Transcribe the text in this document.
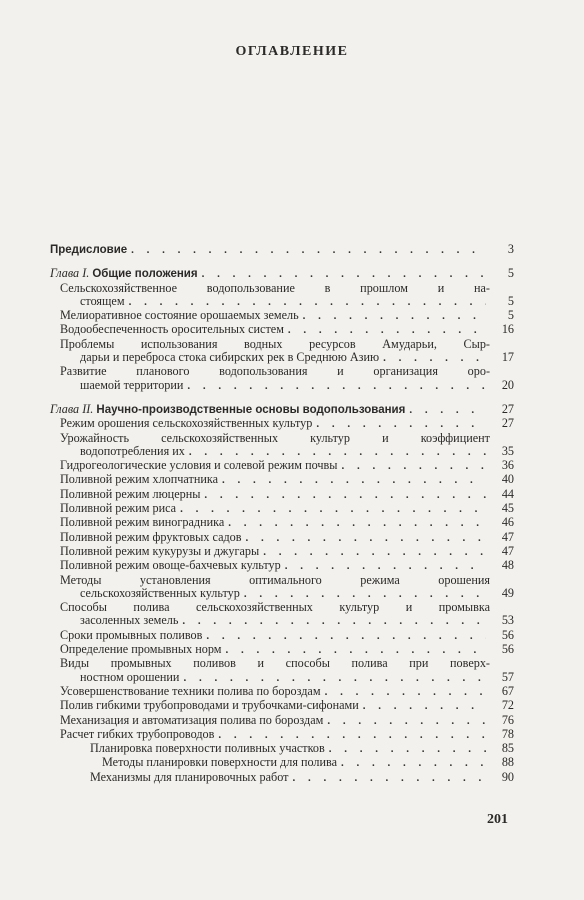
ОГЛАВЛЕНИЕ
Предисловие . . .	3
Глава I. Общие положения . . .	5
Сельскохозяйственное водопользование в прошлом и на-
стоящем . . .	5
Мелиоративное состояние орошаемых земель . . .	5
Водообеспеченность оросительных систем . . .	16
Проблемы использования водных ресурсов Амударьи, Сыр-
дарьи и переброса стока сибирских рек в Среднюю Азию . . .	17
Развитие планового водопользования и организация оро-
шаемой территории . . .	20
Глава II. Научно-производственные основы водопользования . . .	27
Режим орошения сельскохозяйственных культур . . .	27
Урожайность сельскохозяйственных культур и коэффициент
водопотребления их . . .	35
Гидрогеологические условия и солевой режим почвы . . .	36
Поливной режим хлопчатника . . .	40
Поливной режим люцерны . . .	44
Поливной режим риса . . .	45
Поливной режим виноградника . . .	46
Поливной режим фруктовых садов . . .	47
Поливной режим кукурузы и джугары . . .	47
Поливной режим овоще-бахчевых культур . . .	48
Методы установления оптимального режима орошения
сельскохозяйственных культур . . .	49
Способы полива сельскохозяйственных культур и промывка
засоленных земель . . .	53
Сроки промывных поливов . . .	56
Определение промывных норм . . .	56
Виды промывных поливов и способы полива при поверх-
ностном орошении . . .	57
Усовершенствование техники полива по бороздам . . .	67
Полив гибкими трубопроводами и трубочками-сифонами . . .	72
Механизация и автоматизация полива по бороздам . . .	76
Расчет гибких трубопроводов . . .	78
Планировка поверхности поливных участков . . .	85
Методы планировки поверхности для полива . . .	88
Механизмы для планировочных работ . . .	90
201
